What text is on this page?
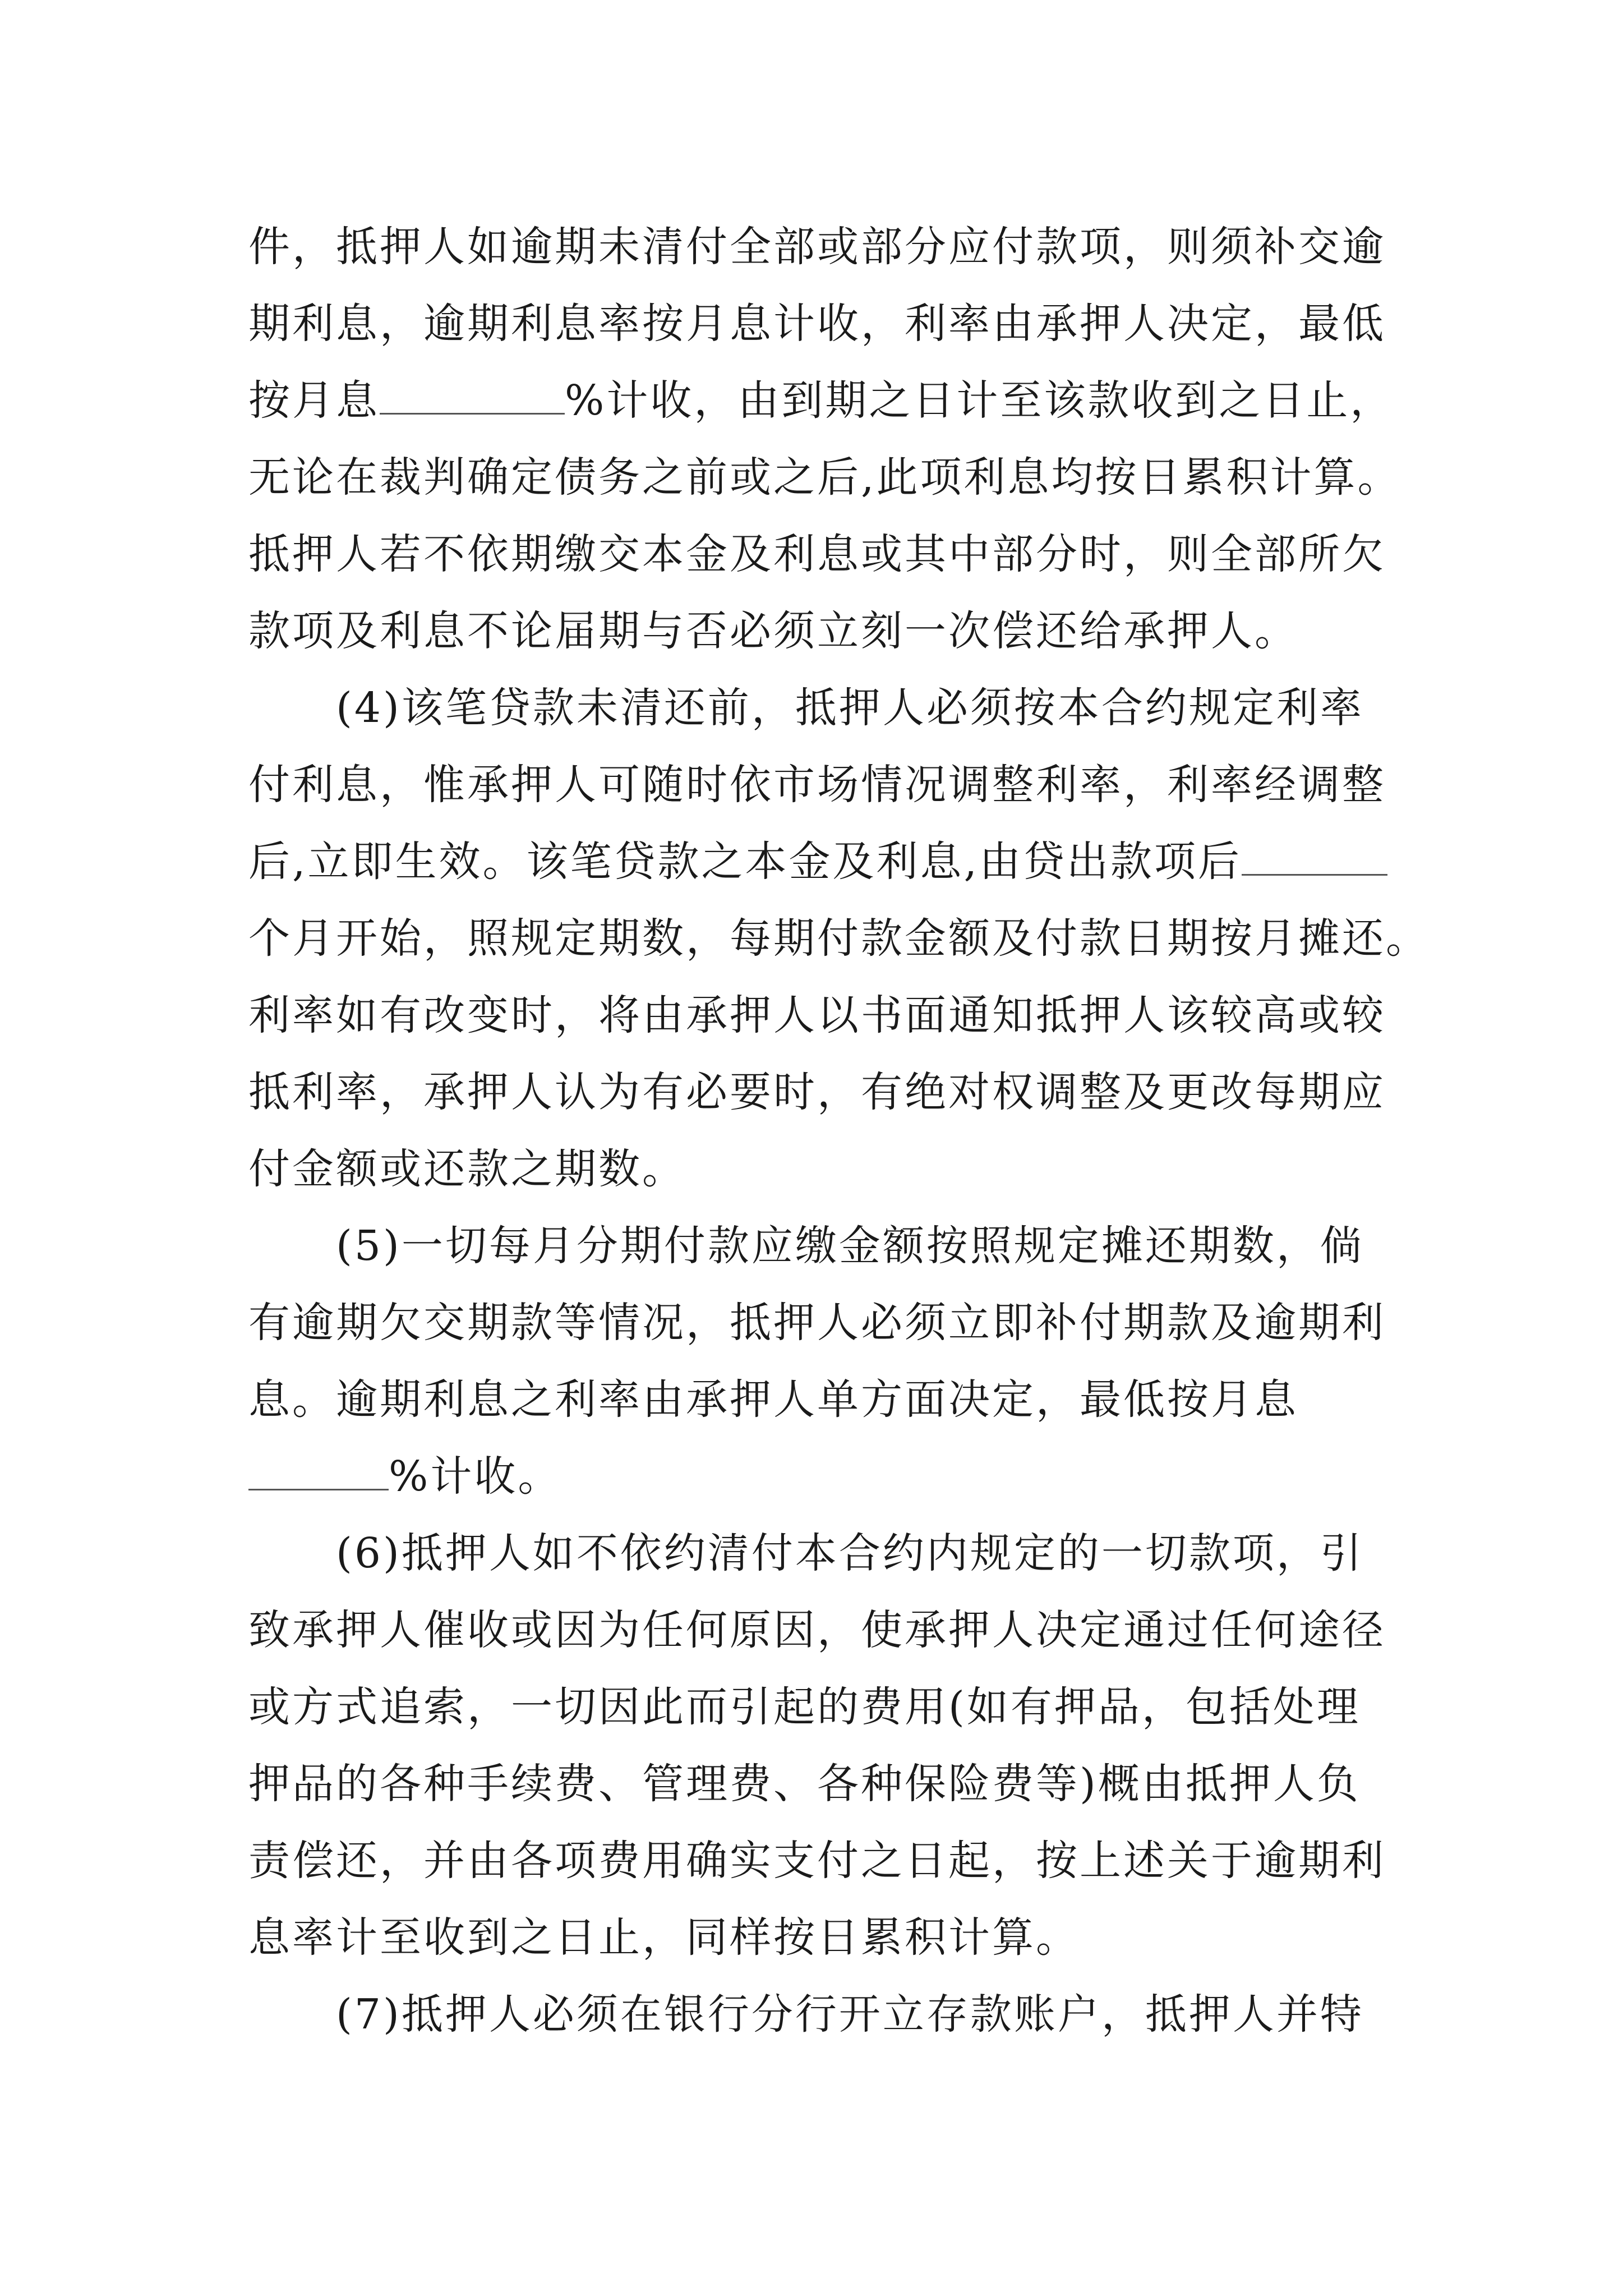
件，抵押人如逾期未清付全部或部分应付款项，则须补交逾
期利息，逾期利息率按月息计收，利率由承押人决定，最低
按月息	%计收，由到期之日计至该款收到之日止，
无论在裁判确定债务之前或之后,此项利息均按日累积计算。
抵押人若不依期缴交本金及利息或其中部分时，则全部所欠
款项及利息不论届期与否必须立刻一次偿还给承押人。

(4)该笔贷款未清还前，抵押人必须按本合约规定利率
付利息，惟承押人可随时依市场情况调整利率，利率经调整
后,立即生效。该笔贷款之本金及利息,由贷出款项后
个月开始，照规定期数，每期付款金额及付款日期按月摊还。
利率如有改变时，将由承押人以书面通知抵押人该较高或较
抵利率，承押人认为有必要时，有绝对权调整及更改每期应
付金额或还款之期数。

(5)一切每月分期付款应缴金额按照规定摊还期数，倘
有逾期欠交期款等情况，抵押人必须立即补付期款及逾期利
息。逾期利息之利率由承押人单方面决定，最低按月息
%计收。

(6)抵押人如不依约清付本合约内规定的一切款项，引
致承押人催收或因为任何原因，使承押人决定通过任何途径
或方式追索，一切因此而引起的费用(如有押品，包括处理
押品的各种手续费、管理费、各种保险费等)概由抵押人负
责偿还，并由各项费用确实支付之日起，按上述关于逾期利
息率计至收到之日止，同样按日累积计算。

(7)抵押人必须在银行分行开立存款账户，抵押人并特
